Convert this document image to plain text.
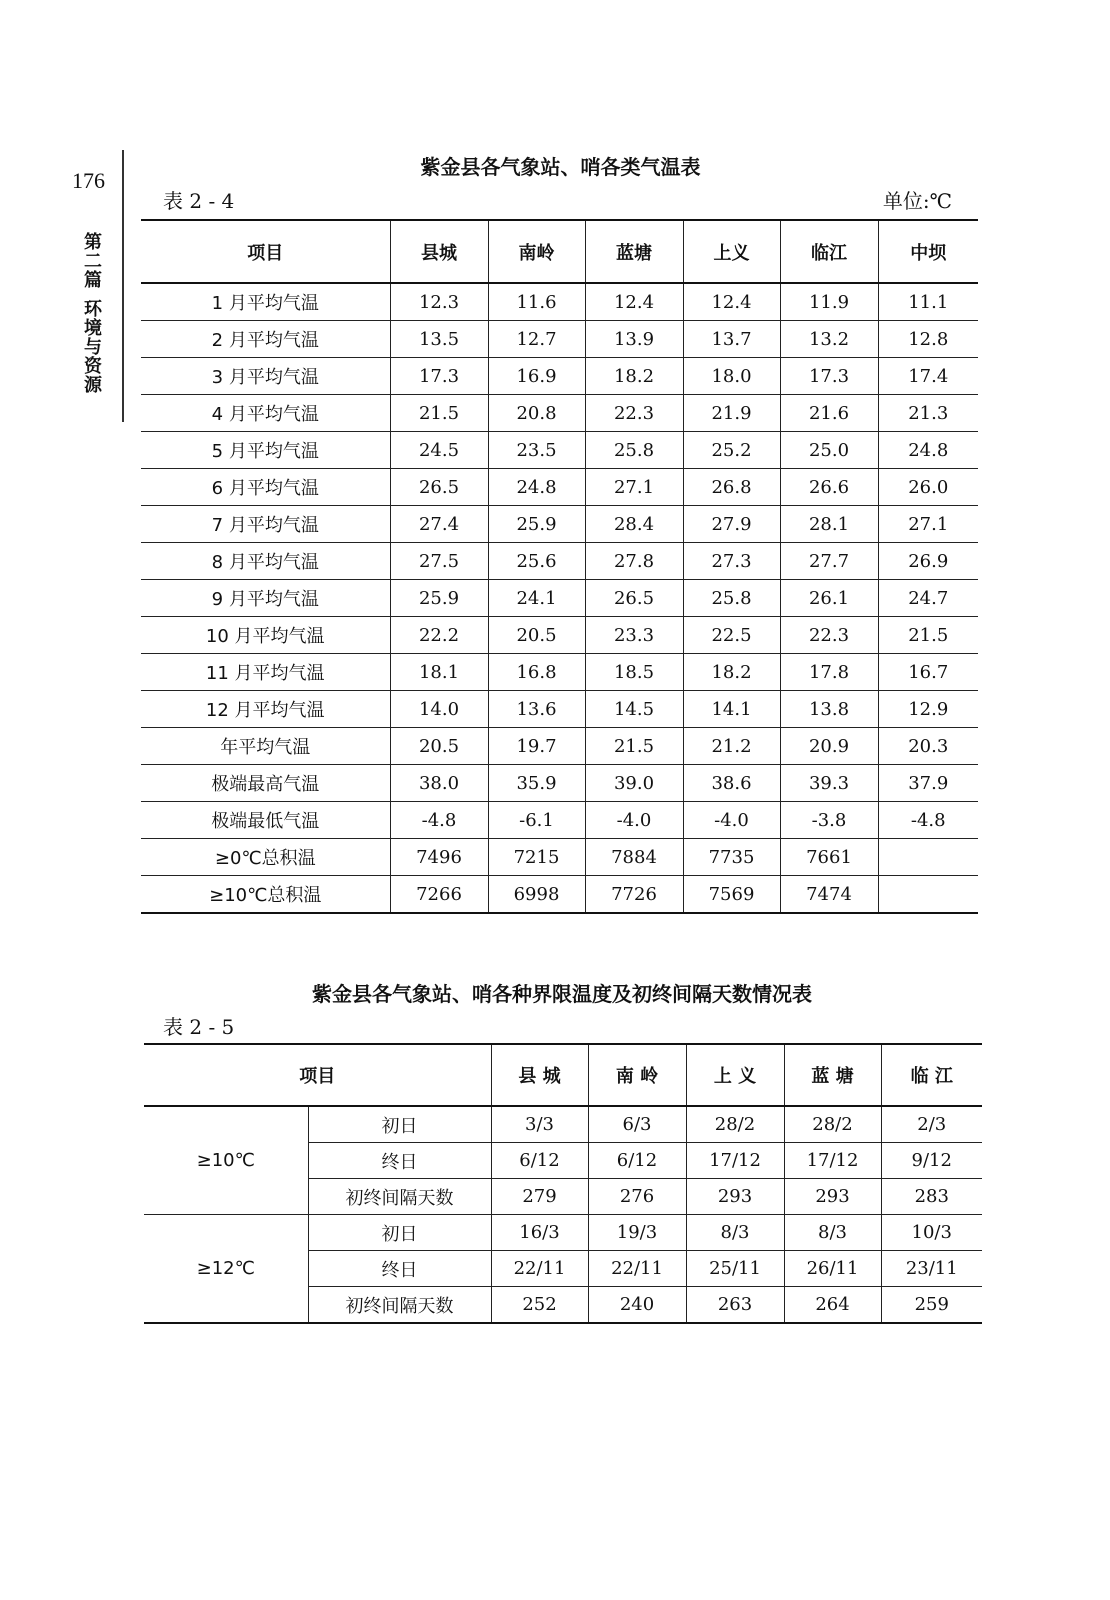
176
第二篇环境与资源
紫金县各气象站、哨各类气温表
表 2 - 4	单位:℃
项目	县城	南岭	蓝塘	上义	临江	中坝
1 月平均气温	12.3	11.6	12.4	12.4	11.9	11.1
2 月平均气温	13.5	12.7	13.9	13.7	13.2	12.8
3 月平均气温	17.3	16.9	18.2	18.0	17.3	17.4
4 月平均气温	21.5	20.8	22.3	21.9	21.6	21.3
5 月平均气温	24.5	23.5	25.8	25.2	25.0	24.8
6 月平均气温	26.5	24.8	27.1	26.8	26.6	26.0
7 月平均气温	27.4	25.9	28.4	27.9	28.1	27.1
8 月平均气温	27.5	25.6	27.8	27.3	27.7	26.9
9 月平均气温	25.9	24.1	26.5	25.8	26.1	24.7
10 月平均气温	22.2	20.5	23.3	22.5	22.3	21.5
11 月平均气温	18.1	16.8	18.5	18.2	17.8	16.7
12 月平均气温	14.0	13.6	14.5	14.1	13.8	12.9
年平均气温	20.5	19.7	21.5	21.2	20.9	20.3
极端最高气温	38.0	35.9	39.0	38.6	39.3	37.9
极端最低气温	-4.8	-6.1	-4.0	-4.0	-3.8	-4.8
≥0℃总积温	7496	7215	7884	7735	7661	
≥10℃总积温	7266	6998	7726	7569	7474	
紫金县各气象站、哨各种界限温度及初终间隔天数情况表
表 2 - 5
项目		县 城	南 岭	上 义	蓝 塘	临 江
≥10℃	初日	3/3	6/3	28/2	28/2	2/3
	终日	6/12	6/12	17/12	17/12	9/12
	初终间隔天数	279	276	293	293	283
≥12℃	初日	16/3	19/3	8/3	8/3	10/3
	终日	22/11	22/11	25/11	26/11	23/11
	初终间隔天数	252	240	263	264	259
